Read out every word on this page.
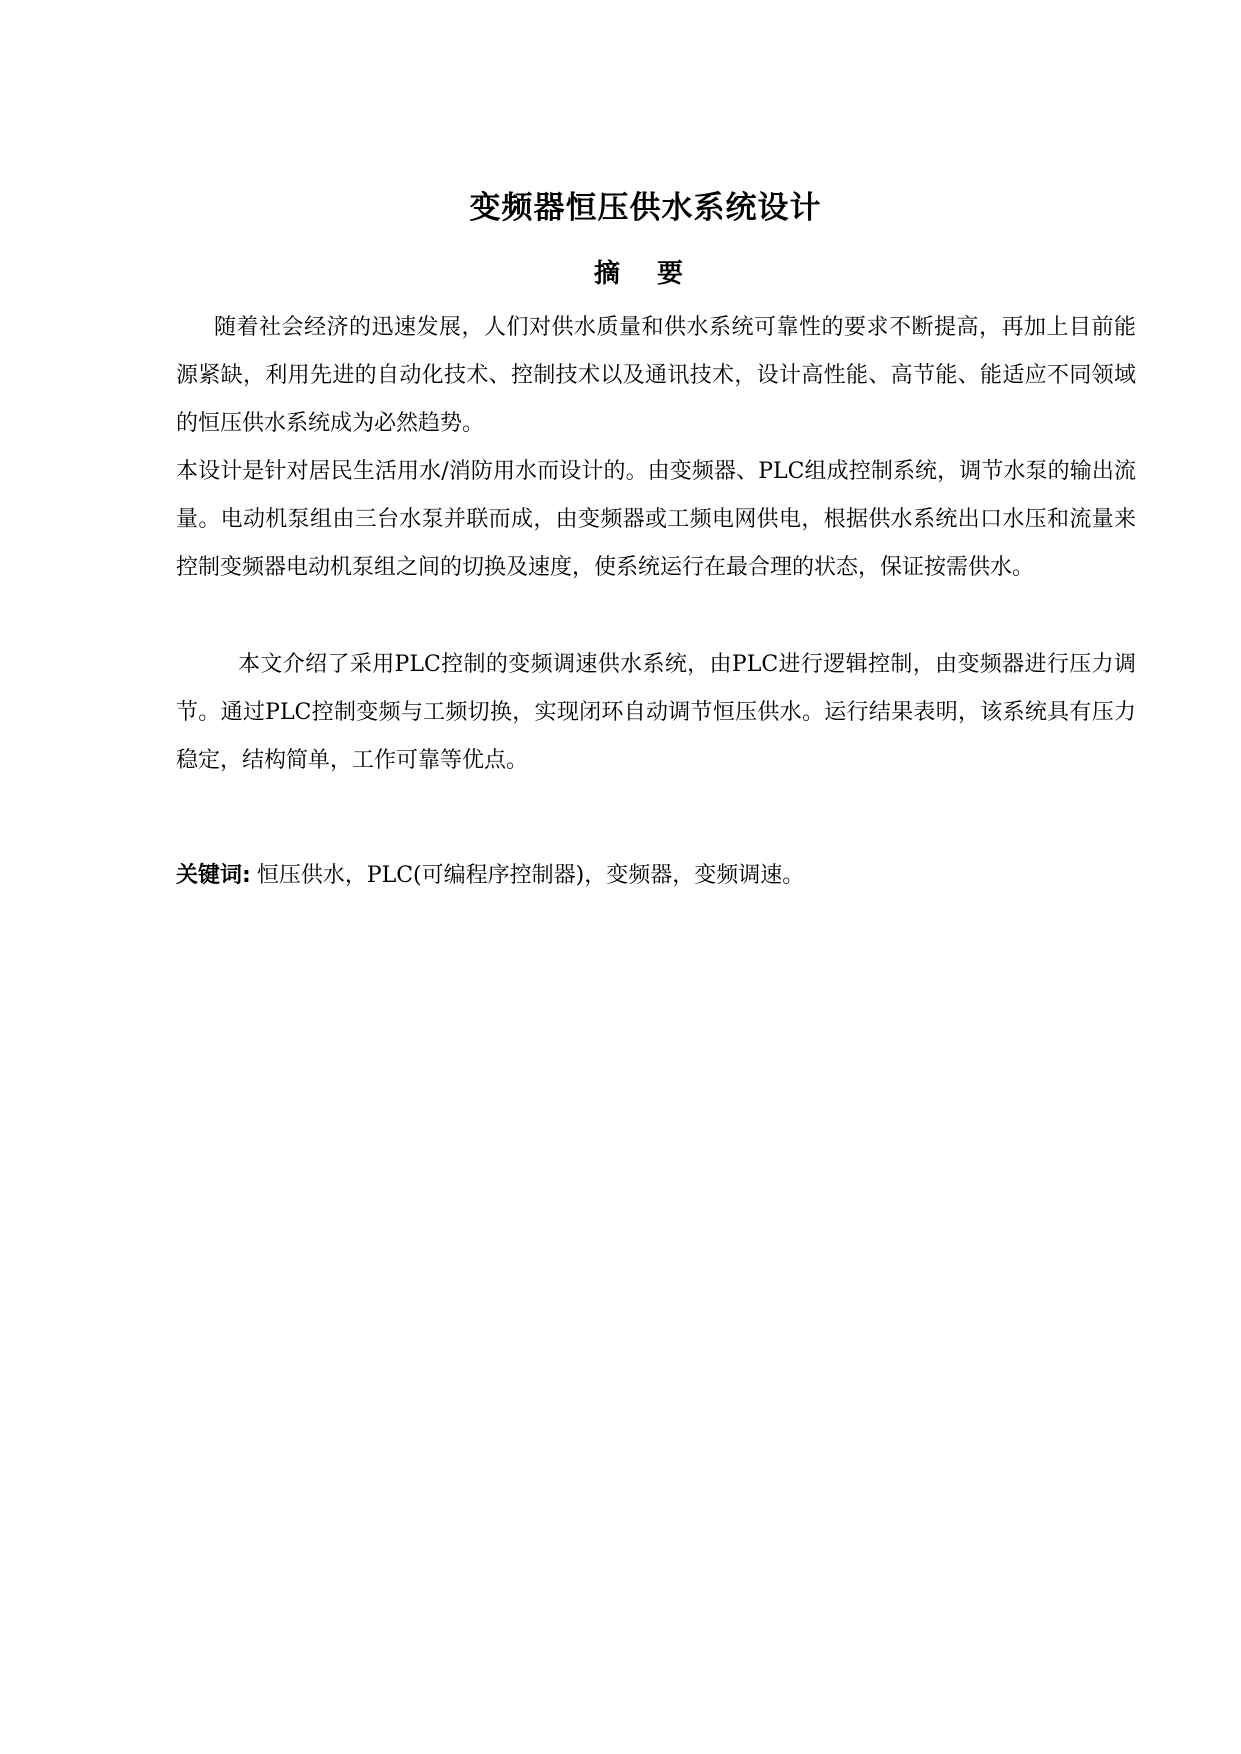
变频器恒压供水系统设计
摘 要

随着社会经济的迅速发展，人们对供水质量和供水系统可靠性的要求不断提高，再加上目前能源紧缺，利用先进的自动化技术、控制技术以及通讯技术，设计高性能、高节能、能适应不同领域的恒压供水系统成为必然趋势。

本设计是针对居民生活用水/消防用水而设计的。由变频器、PLC组成控制系统，调节水泵的输出流量。电动机泵组由三台水泵并联而成，由变频器或工频电网供电，根据供水系统出口水压和流量来控制变频器电动机泵组之间的切换及速度，使系统运行在最合理的状态，保证按需供水。

本文介绍了采用PLC控制的变频调速供水系统，由PLC进行逻辑控制，由变频器进行压力调节。通过PLC控制变频与工频切换，实现闭环自动调节恒压供水。运行结果表明，该系统具有压力稳定，结构简单，工作可靠等优点。

关键词: 恒压供水，PLC(可编程序控制器)，变频器，变频调速。
